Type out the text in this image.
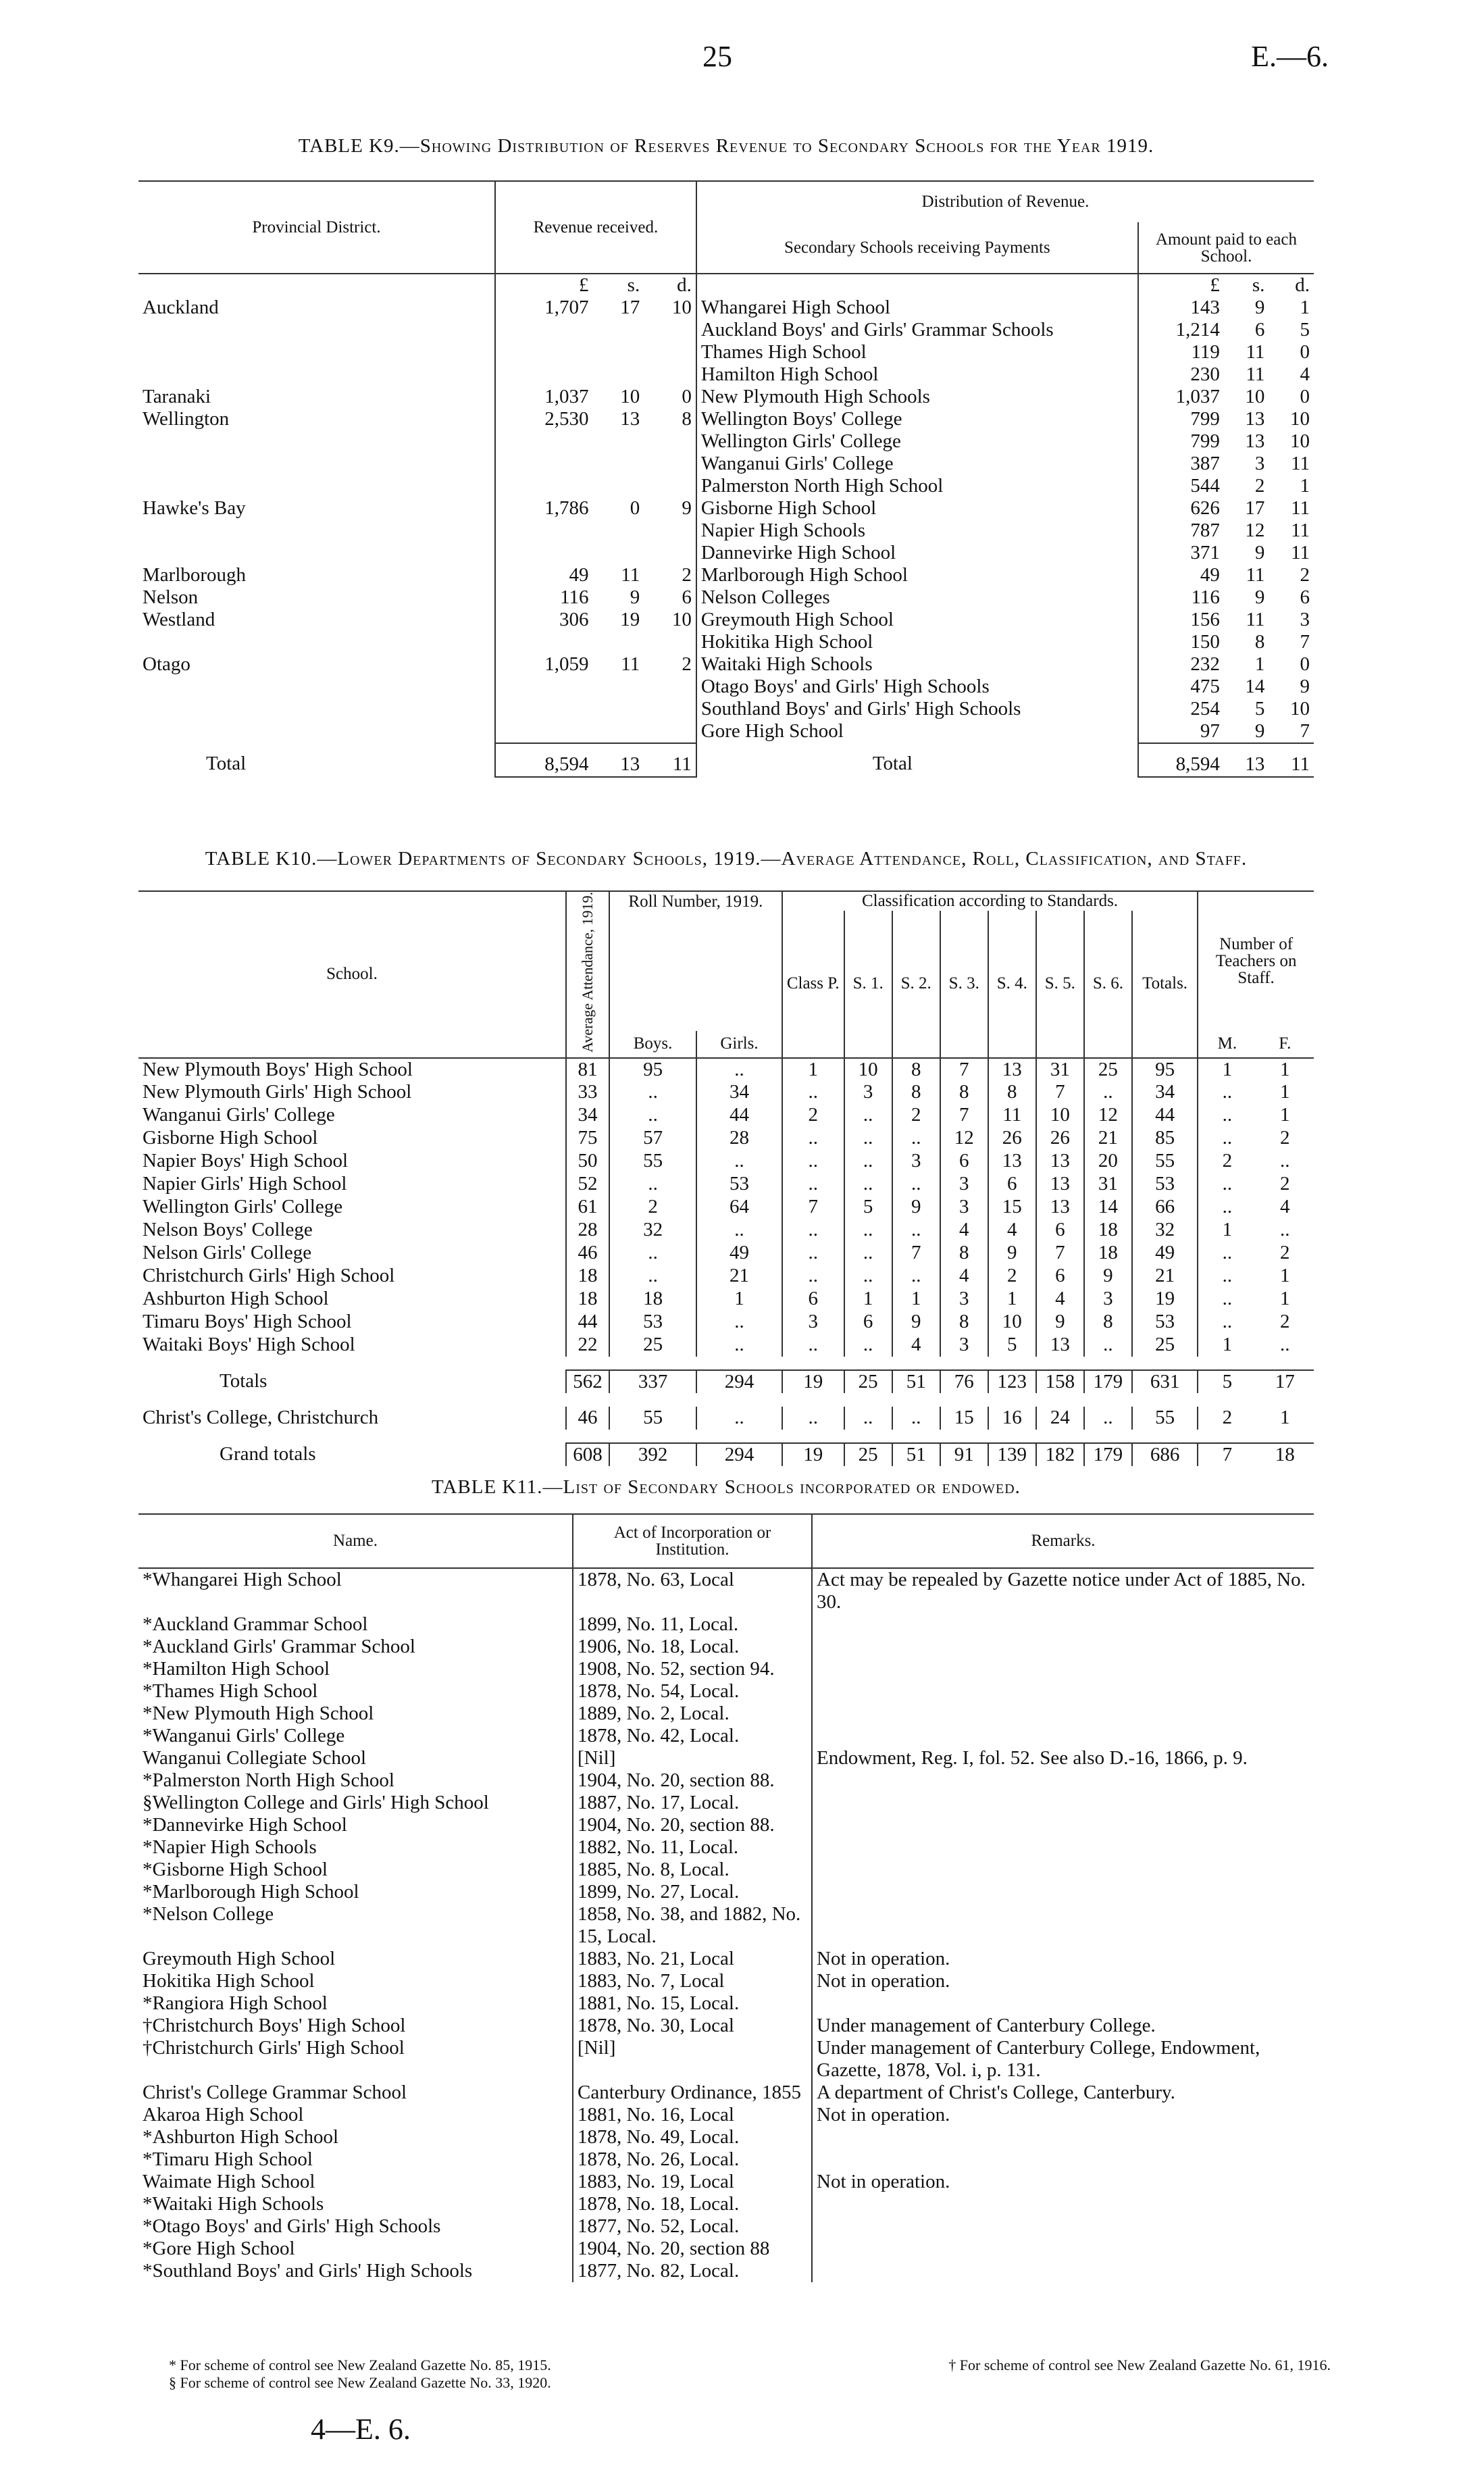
25	E.—6.
TABLE K9.—Showing Distribution of Reserves Revenue to Secondary Schools for the Year 1919.
Provincial District.	Revenue received.			Distribution of Revenue.			
				Secondary Schools receiving Payments	Amount paid to each School.		
	£	s.	d.		£	s.	d.
Auckland	1,707	17	10	Whangarei High School	143	9	1
				Auckland Boys' and Girls' Grammar Schools	1,214	6	5
				Thames High School	119	11	0
				Hamilton High School	230	11	4
Taranaki	1,037	10	0	New Plymouth High Schools	1,037	10	0
Wellington	2,530	13	8	Wellington Boys' College	799	13	10
				Wellington Girls' College	799	13	10
				Wanganui Girls' College	387	3	11
				Palmerston North High School	544	2	1
Hawke's Bay	1,786	0	9	Gisborne High School	626	17	11
				Napier High Schools	787	12	11
				Dannevirke High School	371	9	11
Marlborough	49	11	2	Marlborough High School	49	11	2
Nelson	116	9	6	Nelson Colleges	116	9	6
Westland	306	19	10	Greymouth High School	156	11	3
				Hokitika High School	150	8	7
Otago	1,059	11	2	Waitaki High Schools	232	1	0
				Otago Boys' and Girls' High Schools	475	14	9
				Southland Boys' and Girls' High Schools	254	5	10
				Gore High School	97	9	7
Total	8,594	13	11	Total	8,594	13	11
TABLE K10.—Lower Departments of Secondary Schools, 1919.—Average Attendance, Roll, Classification, and Staff.
School.	Average Attendance, 1919.	Roll Number, 1919.		Classification according to Standards.								Number of Teachers on Staff.	
				Class P.	S. 1.	S. 2.	S. 3.	S. 4.	S. 5.	S. 6.	Totals.		
		Boys.	Girls.									M.	F.
New Plymouth Boys' High School	81	95	..	1	10	8	7	13	31	25	95	1	1
New Plymouth Girls' High School	33	..	34	..	3	8	8	8	7	..	34	..	1
Wanganui Girls' College	34	..	44	2	..	2	7	11	10	12	44	..	1
Gisborne High School	75	57	28	..	..	..	12	26	26	21	85	..	2
Napier Boys' High School	50	55	..	..	..	3	6	13	13	20	55	2	..
Napier Girls' High School	52	..	53	..	..	..	3	6	13	31	53	..	2
Wellington Girls' College	61	2	64	7	5	9	3	15	13	14	66	..	4
Nelson Boys' College	28	32	..	..	..	..	4	4	6	18	32	1	..
Nelson Girls' College	46	..	49	..	..	7	8	9	7	18	49	..	2
Christchurch Girls' High School	18	..	21	..	..	..	4	2	6	9	21	..	1
Ashburton High School	18	18	1	6	1	1	3	1	4	3	19	..	1
Timaru Boys' High School	44	53	..	3	6	9	8	10	9	8	53	..	2
Waitaki Boys' High School	22	25	..	..	..	4	3	5	13	..	25	1	..

Totals	562	337	294	19	25	51	76	123	158	179	631	5	17

Christ's College, Christchurch	46	55	..	..	..	..	15	16	24	..	55	2	1

Grand totals	608	392	294	19	25	51	91	139	182	179	686	7	18
TABLE K11.—List of Secondary Schools incorporated or endowed.
Name.	Act of Incorporation or Institution.	Remarks.
*Whangarei High School	1878, No. 63, Local	Act may be repealed by Gazette notice under Act of 1885, No. 30.
*Auckland Grammar School	1899, No. 11, Local.	
*Auckland Girls' Grammar School	1906, No. 18, Local.	
*Hamilton High School	1908, No. 52, section 94.	
*Thames High School	1878, No. 54, Local.	
*New Plymouth High School	1889, No. 2, Local.	
*Wanganui Girls' College	1878, No. 42, Local.	
Wanganui Collegiate School	[Nil]	Endowment, Reg. I, fol. 52. See also D.-16, 1866, p. 9.
*Palmerston North High School	1904, No. 20, section 88.	
§Wellington College and Girls' High School	1887, No. 17, Local.	
*Dannevirke High School	1904, No. 20, section 88.	
*Napier High Schools	1882, No. 11, Local.	
*Gisborne High School	1885, No. 8, Local.	
*Marlborough High School	1899, No. 27, Local.	
*Nelson College	1858, No. 38, and 1882, No. 15, Local.	
Greymouth High School	1883, No. 21, Local	Not in operation.
Hokitika High School	1883, No. 7, Local	Not in operation.
*Rangiora High School	1881, No. 15, Local.	
†Christchurch Boys' High School	1878, No. 30, Local	Under management of Canterbury College.
†Christchurch Girls' High School	[Nil]	Under management of Canterbury College, Endowment, Gazette, 1878, Vol. i, p. 131.
Christ's College Grammar School	Canterbury Ordinance, 1855	A department of Christ's College, Canterbury.
Akaroa High School	1881, No. 16, Local	Not in operation.
*Ashburton High School	1878, No. 49, Local.	
*Timaru High School	1878, No. 26, Local.	
Waimate High School	1883, No. 19, Local	Not in operation.
*Waitaki High Schools	1878, No. 18, Local.	
*Otago Boys' and Girls' High Schools	1877, No. 52, Local.	
*Gore High School	1904, No. 20, section 88	
*Southland Boys' and Girls' High Schools	1877, No. 82, Local.	
* For scheme of control see New Zealand Gazette No. 85, 1915.	† For scheme of control see New Zealand Gazette No. 61, 1916.
§ For scheme of control see New Zealand Gazette No. 33, 1920.
4—E. 6.
